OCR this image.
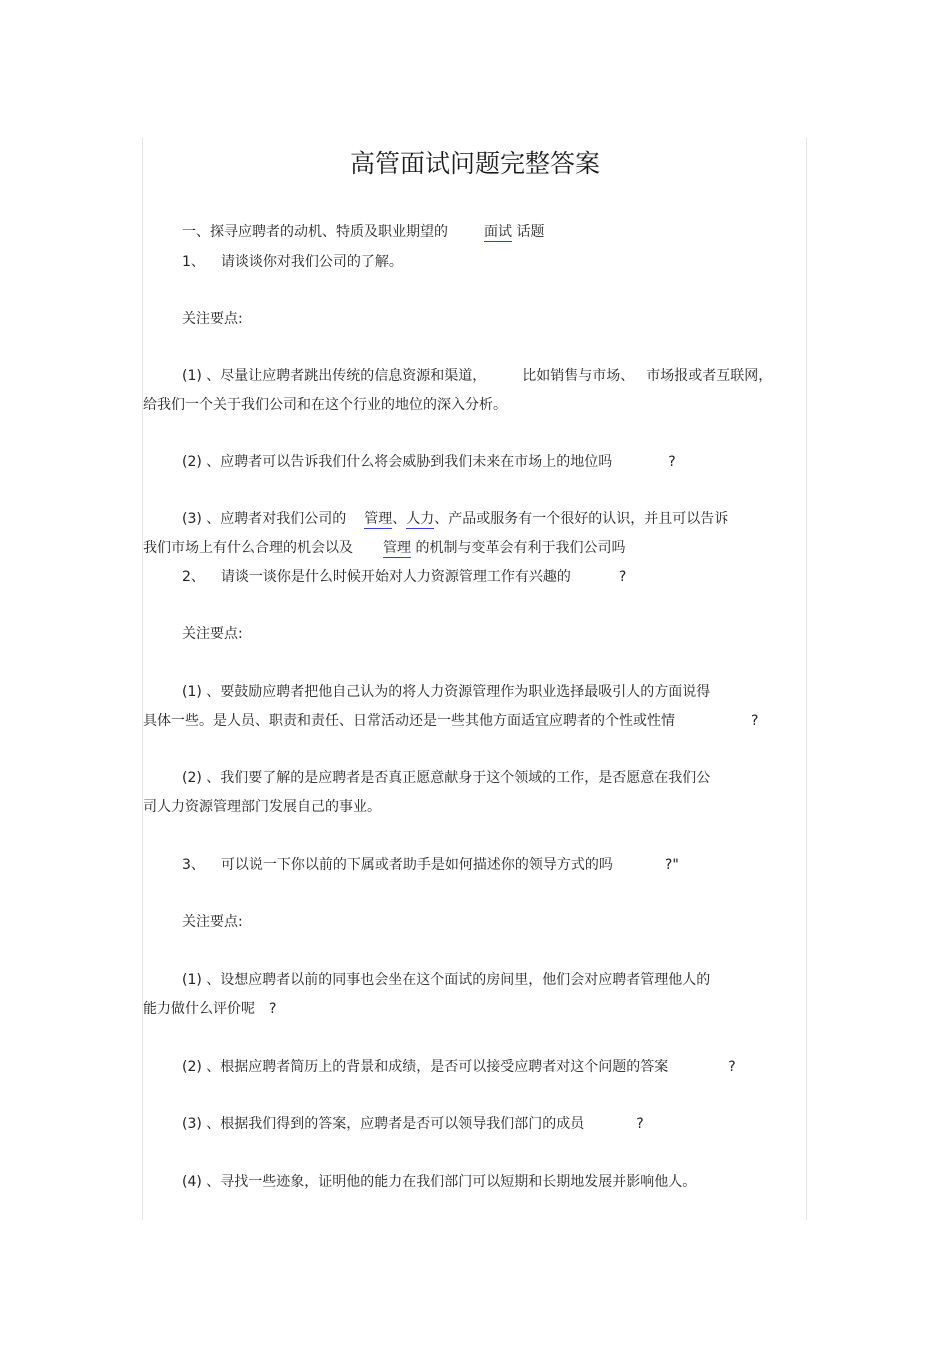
高管面试问题完整答案
一、探寻应聘者的动机、特质及职业期望的	面试 话题
1、 请谈谈你对我们公司的了解。
关注要点:
(1) 、尽量让应聘者跳出传统的信息资源和渠道，	比如销售与市场、 市场报或者互联网，
给我们一个关于我们公司和在这个行业的地位的深入分析。
(2) 、应聘者可以告诉我们什么将会威胁到我们未来在市场上的地位吗	?
(3) 、应聘者对我们公司的 管理、人力、产品或服务有一个很好的认识，并且可以告诉
我们市场上有什么合理的机会以及 管理 的机制与变革会有利于我们公司吗
2、 请谈一谈你是什么时候开始对人力资源管理工作有兴趣的	?
关注要点:
(1) 、要鼓励应聘者把他自己认为的将人力资源管理作为职业选择最吸引人的方面说得
具体一些。是人员、职责和责任、日常活动还是一些其他方面适宜应聘者的个性或性情	?
(2) 、我们要了解的是应聘者是否真正愿意献身于这个领域的工作，是否愿意在我们公
司人力资源管理部门发展自己的事业。
3、 可以说一下你以前的下属或者助手是如何描述你的领导方式的吗	?"
关注要点:
(1) 、设想应聘者以前的同事也会坐在这个面试的房间里，他们会对应聘者管理他人的
能力做什么评价呢 ?
(2) 、根据应聘者简历上的背景和成绩，是否可以接受应聘者对这个问题的答案	?
(3) 、根据我们得到的答案，应聘者是否可以领导我们部门的成员	?
(4) 、寻找一些迹象，证明他的能力在我们部门可以短期和长期地发展并影响他人。
